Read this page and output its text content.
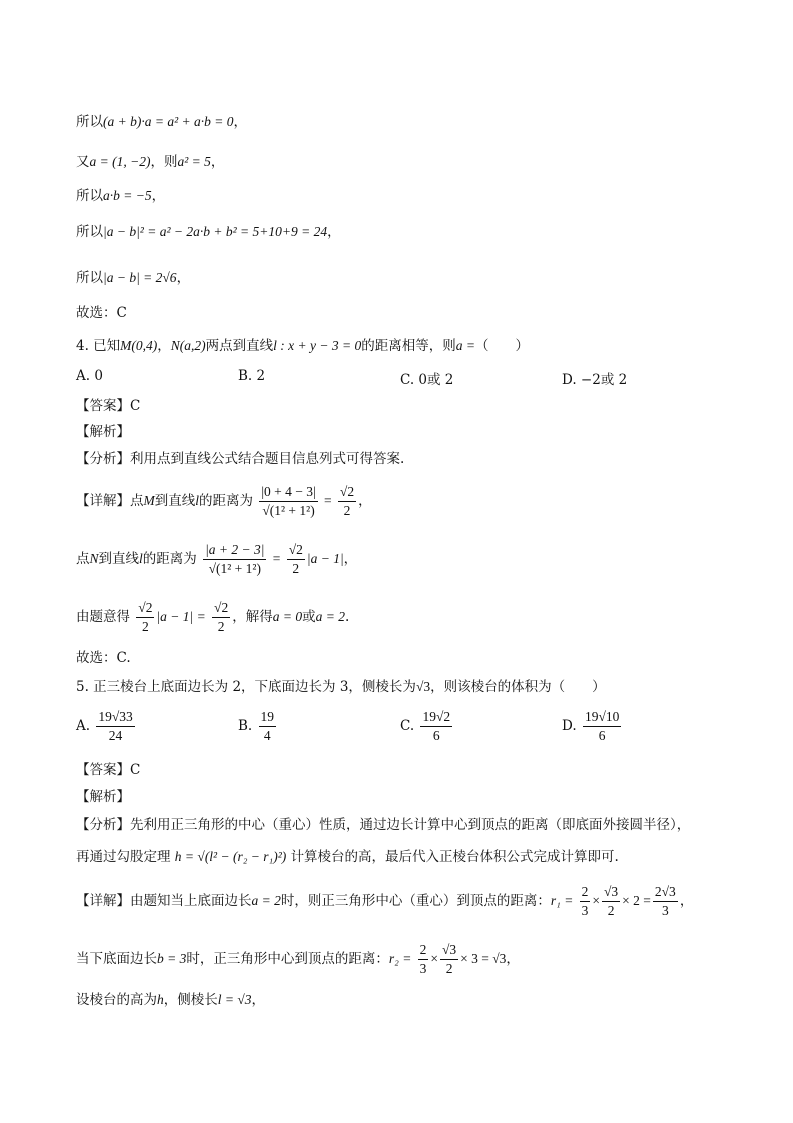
所以(a + b)·a = a² + a·b = 0，
又a = (1, −2)，则a² = 5，
所以a·b = −5，
所以|a − b|² = a² − 2a·b + b² = 5+10+9 = 24，
所以|a − b| = 2√6，
故选：C
4. 已知M(0,4)，N(a,2)两点到直线l : x + y − 3 = 0的距离相等，则a =（　　）
A. 0	B. 2	C. 0或 2	D. −2或 2
【答案】C
【解析】
【分析】利用点到直线公式结合题目信息列式可得答案.
【详解】点M到直线l的距离为 $\frac{|0 + 4 - 3|}{\text{√(1² + 1²)}} = \frac{√2}{2}$ ，
点N到直线l的距离为 $\frac{|a + 2 - 3|}{\text{√(1² + 1²)}} = \frac{√2}{2} |a - 1|$，
由题意得 $\frac{√2}{2} |a - 1| = \frac{√2}{2}$ ，解得a = 0或a = 2.
故选：C.
5. 正三棱台上底面边长为 2，下底面边长为 3，侧棱长为√3，则该棱台的体积为（　　）
A. $\frac{19√33}{24}$	B. $\frac{19}{4}$	C. $\frac{19√2}{6}$	D. $\frac{19√10}{6}$
【答案】C
【解析】
【分析】先利用正三角形的中心（重心）性质，通过边长计算中心到顶点的距离（即底面外接圆半径），
再通过勾股定理 h = √(l² − (r₂ − r₁)²) 计算棱台的高，最后代入正棱台体积公式完成计算即可.
【详解】由题知当上底面边长a = 2时，则正三角形中心（重心）到顶点的距离：$r_1 = \frac{2}{3} \times \frac{√3}{2} \times 2 = \frac{2√3}{3}$ ，
当下底面边长b = 3时，正三角形中心到顶点的距离：$r_2 = \frac{2}{3} \times \frac{√3}{2} \times 3 = √3$，
设棱台的高为h，侧棱长l = √3，
